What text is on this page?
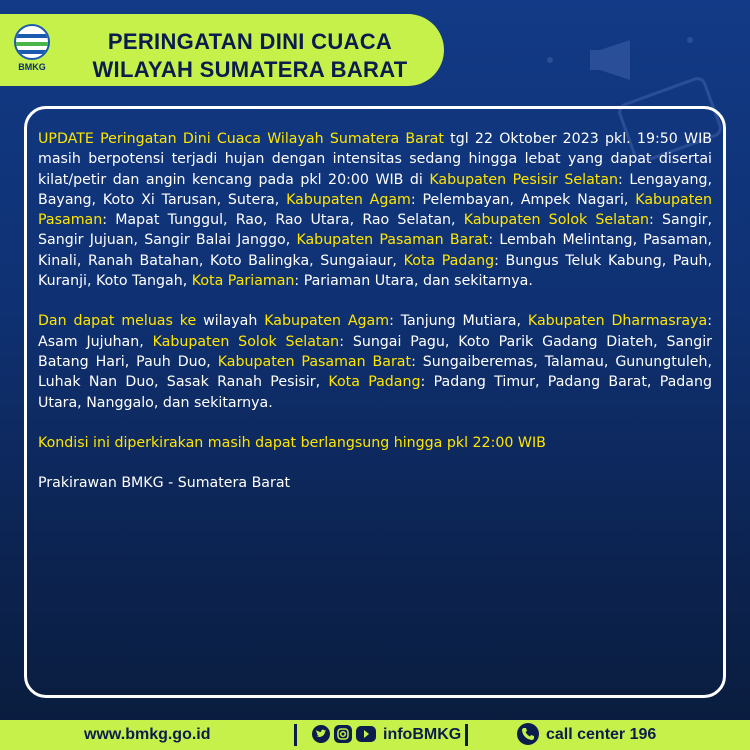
BMKG
PERINGATAN DINI CUACA
WILAYAH SUMATERA BARAT

UPDATE Peringatan Dini Cuaca Wilayah Sumatera Barat tgl 22 Oktober 2023 pkl. 19:50 WIB masih berpotensi terjadi hujan dengan intensitas sedang hingga lebat yang dapat disertai kilat/petir dan angin kencang pada pkl 20:00 WIB di Kabupaten Pesisir Selatan: Lengayang, Bayang, Koto Xi Tarusan, Sutera, Kabupaten Agam: Pelembayan, Ampek Nagari, Kabupaten Pasaman: Mapat Tunggul, Rao, Rao Utara, Rao Selatan, Kabupaten Solok Selatan: Sangir, Sangir Jujuan, Sangir Balai Janggo, Kabupaten Pasaman Barat: Lembah Melintang, Pasaman, Kinali, Ranah Batahan, Koto Balingka, Sungaiaur, Kota Padang: Bungus Teluk Kabung, Pauh, Kuranji, Koto Tangah, Kota Pariaman: Pariaman Utara, dan sekitarnya.

Dan dapat meluas ke wilayah Kabupaten Agam: Tanjung Mutiara, Kabupaten Dharmasraya: Asam Jujuhan, Kabupaten Solok Selatan: Sungai Pagu, Koto Parik Gadang Diateh, Sangir Batang Hari, Pauh Duo, Kabupaten Pasaman Barat: Sungaiberemas, Talamau, Gunungtuleh, Luhak Nan Duo, Sasak Ranah Pesisir, Kota Padang: Padang Timur, Padang Barat, Padang Utara, Nanggalo, dan sekitarnya.

Kondisi ini diperkirakan masih dapat berlangsung hingga pkl 22:00 WIB

Prakirawan BMKG - Sumatera Barat

www.bmkg.go.id	infoBMKG	call center 196
